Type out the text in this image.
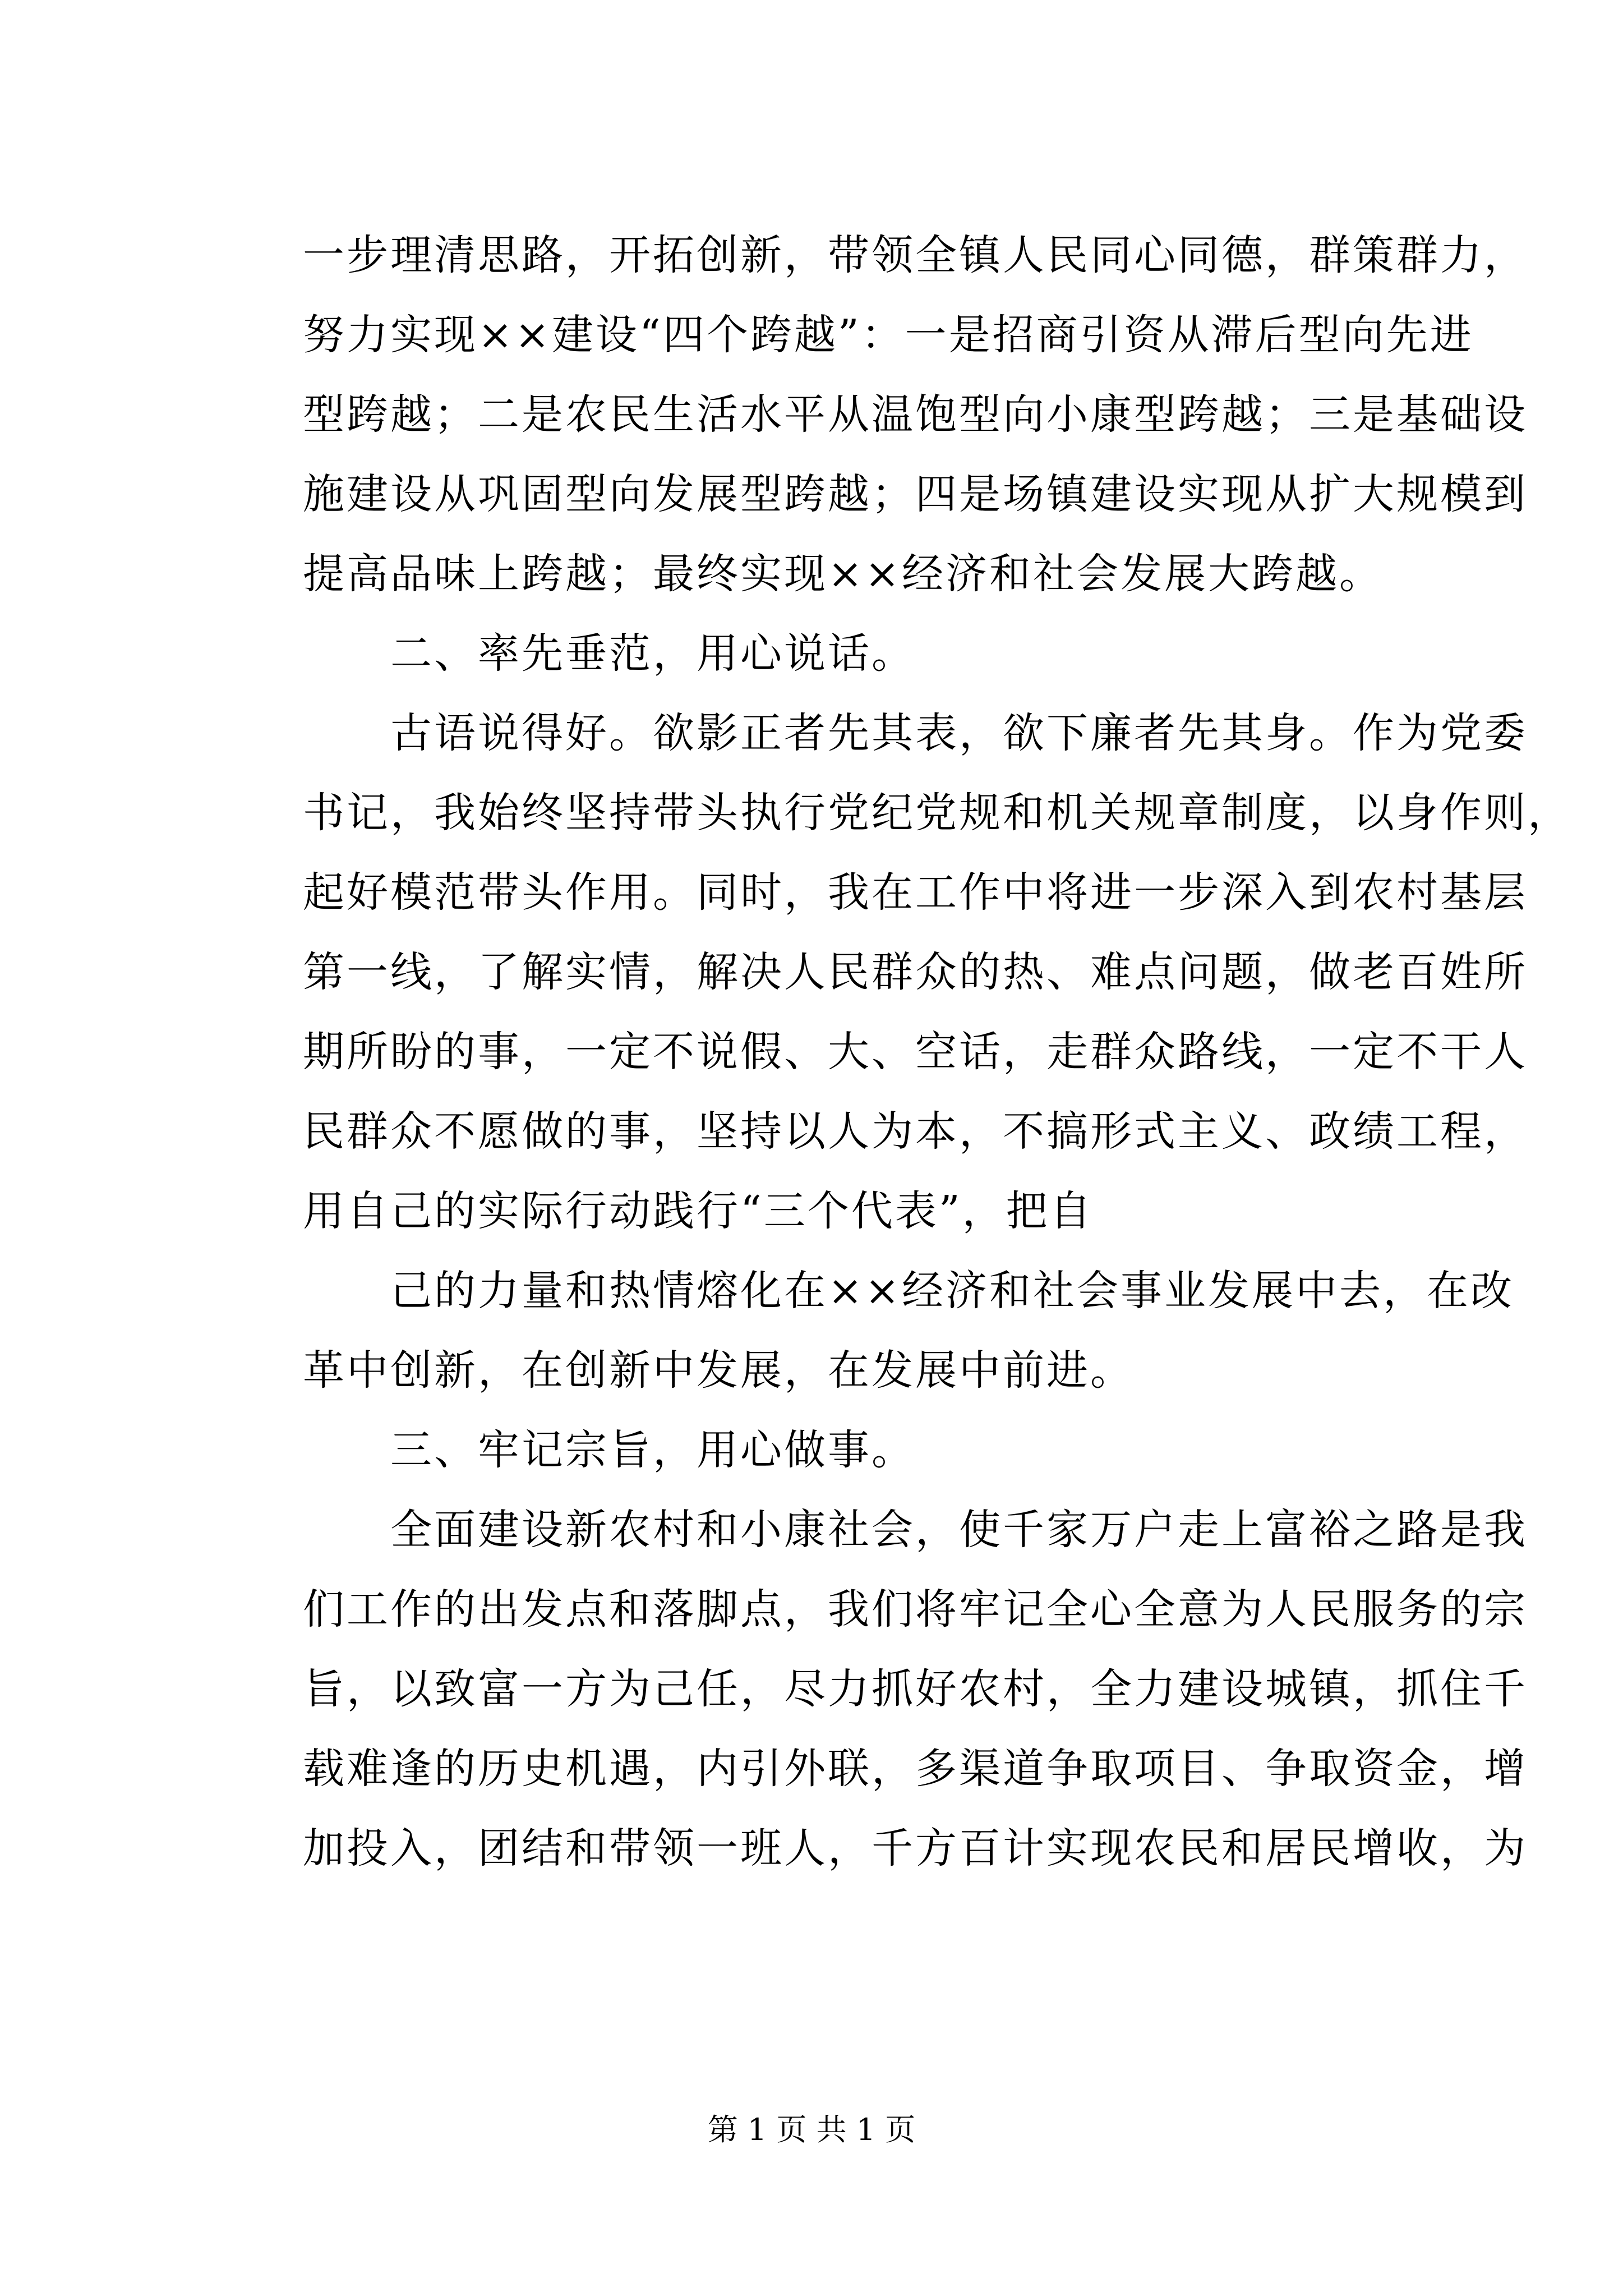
一步理清思路，开拓创新，带领全镇人民同心同德，群策群力，
努力实现××建设“四个跨越”：一是招商引资从滞后型向先进
型跨越；二是农民生活水平从温饱型向小康型跨越；三是基础设
施建设从巩固型向发展型跨越；四是场镇建设实现从扩大规模到
提高品味上跨越；最终实现××经济和社会发展大跨越。
　　二、率先垂范，用心说话。
　　古语说得好。欲影正者先其表，欲下廉者先其身。作为党委
书记，我始终坚持带头执行党纪党规和机关规章制度，以身作则，
起好模范带头作用。同时，我在工作中将进一步深入到农村基层
第一线，了解实情，解决人民群众的热、难点问题，做老百姓所
期所盼的事，一定不说假、大、空话，走群众路线，一定不干人
民群众不愿做的事，坚持以人为本，不搞形式主义、政绩工程，
用自己的实际行动践行“三个代表”，把自
　　己的力量和热情熔化在××经济和社会事业发展中去，在改
革中创新，在创新中发展，在发展中前进。
　　三、牢记宗旨，用心做事。
　　全面建设新农村和小康社会，使千家万户走上富裕之路是我
们工作的出发点和落脚点，我们将牢记全心全意为人民服务的宗
旨，以致富一方为己任，尽力抓好农村，全力建设城镇，抓住千
载难逢的历史机遇，内引外联，多渠道争取项目、争取资金，增
加投入，团结和带领一班人，千方百计实现农民和居民增收，为
第 1 页 共 1 页
